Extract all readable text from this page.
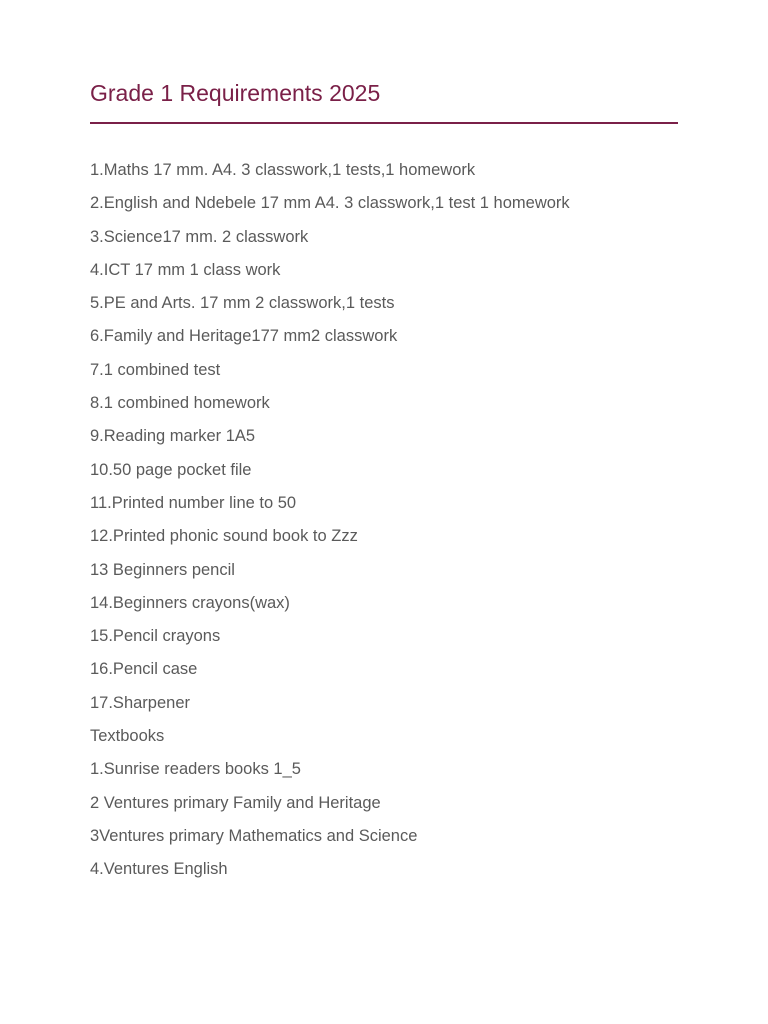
Grade 1 Requirements 2025
1.Maths 17 mm. A4. 3 classwork,1 tests,1 homework
2.English and Ndebele 17 mm A4. 3 classwork,1 test 1 homework
3.Science17 mm. 2 classwork
4.ICT 17 mm 1 class work
5.PE and Arts. 17 mm 2 classwork,1 tests
6.Family and Heritage177 mm2 classwork
7.1 combined test
8.1 combined homework
9.Reading marker 1A5
10.50 page pocket file
11.Printed number line to 50
12.Printed phonic sound book to Zzz
13 Beginners pencil
14.Beginners crayons(wax)
15.Pencil crayons
16.Pencil case
17.Sharpener
Textbooks
1.Sunrise readers books 1_5
2 Ventures primary Family and Heritage
3Ventures primary Mathematics and Science
4.Ventures English
